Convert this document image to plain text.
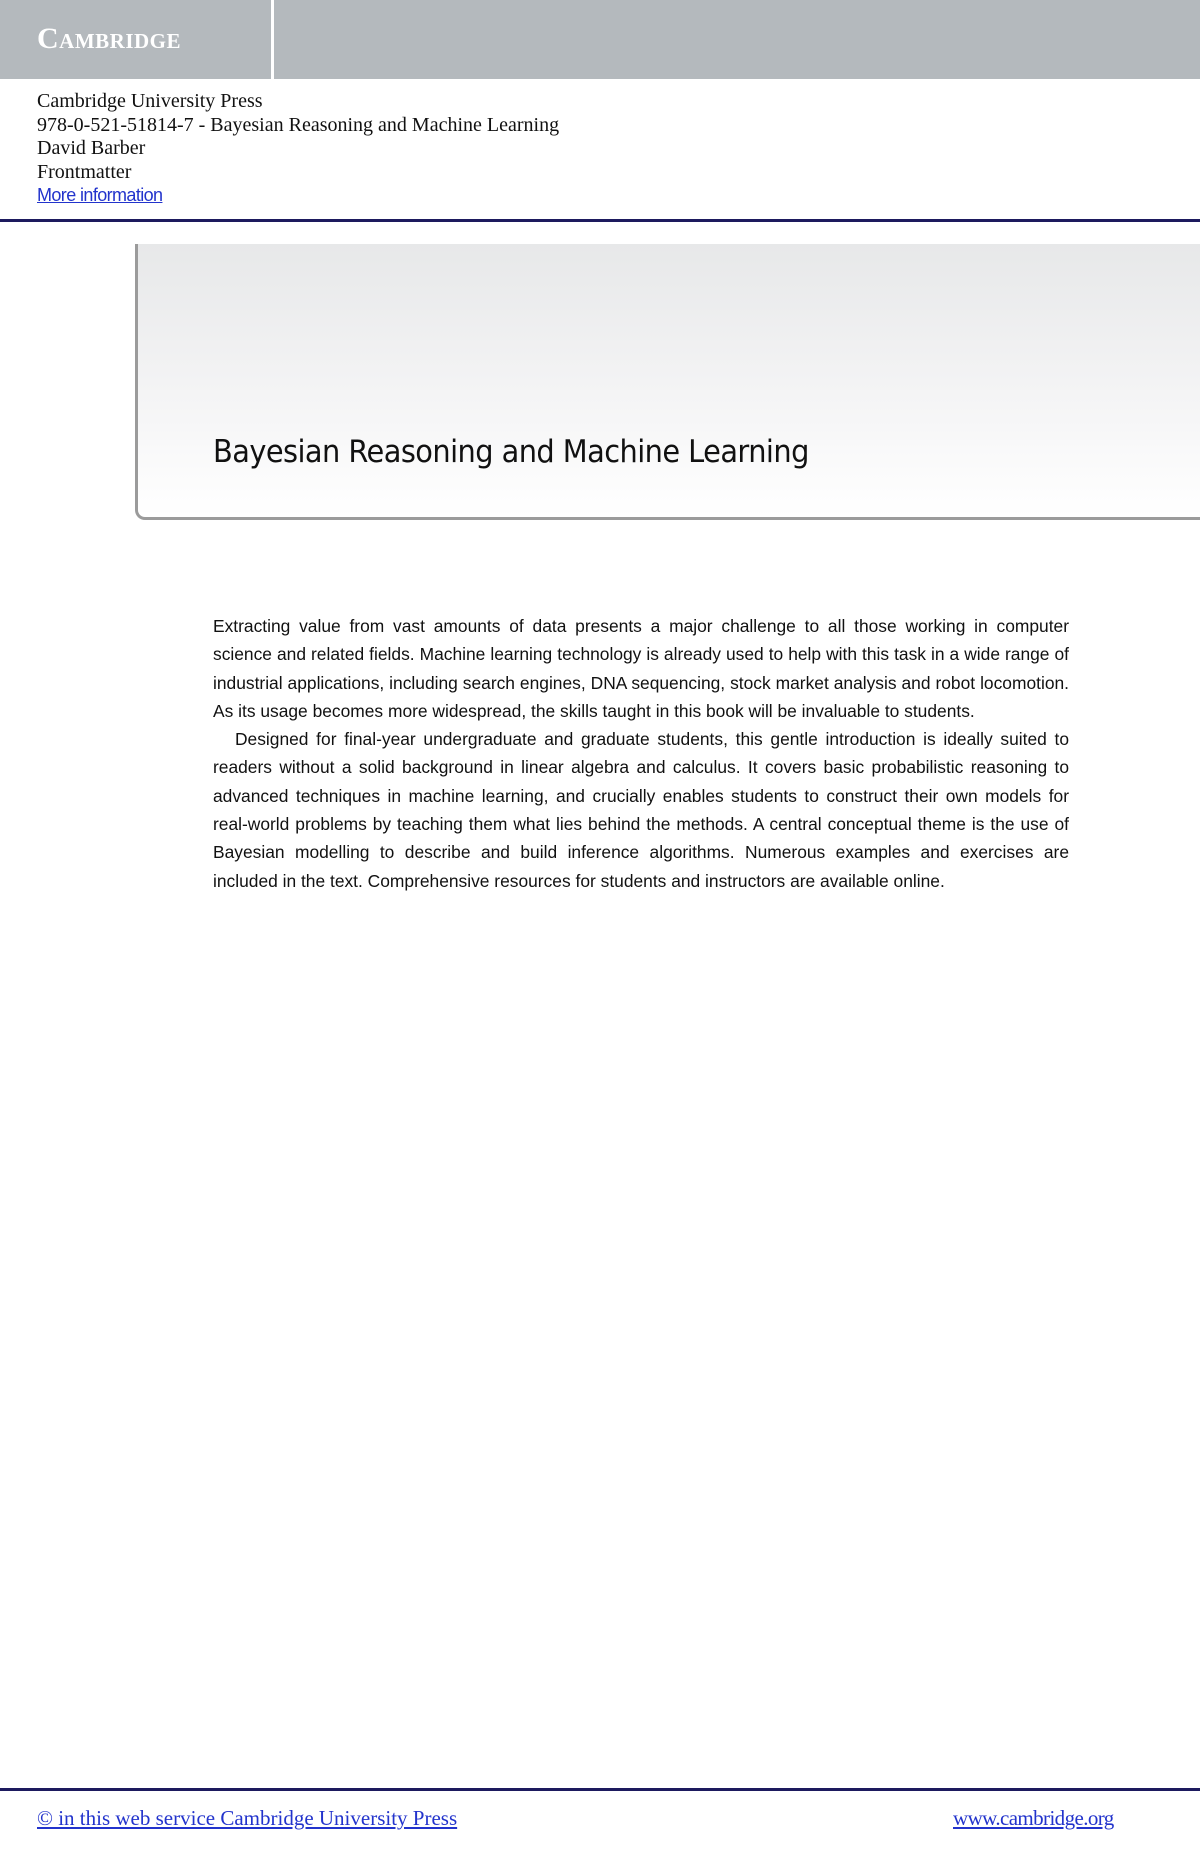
Cambridge
Cambridge University Press
978-0-521-51814-7 - Bayesian Reasoning and Machine Learning
David Barber
Frontmatter
More information
Bayesian Reasoning and Machine Learning

Extracting value from vast amounts of data presents a major challenge to all those working in computer science and related fields. Machine learning technology is already used to help with this task in a wide range of industrial applications, including search engines, DNA sequencing, stock market analysis and robot locomotion. As its usage becomes more widespread, the skills taught in this book will be invaluable to students.

Designed for final-year undergraduate and graduate students, this gentle introduction is ideally suited to readers without a solid background in linear algebra and calculus. It covers basic probabilistic reasoning to advanced techniques in machine learning, and crucially enables students to construct their own models for real-world problems by teaching them what lies behind the methods. A central conceptual theme is the use of Bayesian modelling to describe and build inference algorithms. Numerous examples and exercises are included in the text. Comprehensive resources for students and instructors are available online.

© in this web service Cambridge University Press	www.cambridge.org
